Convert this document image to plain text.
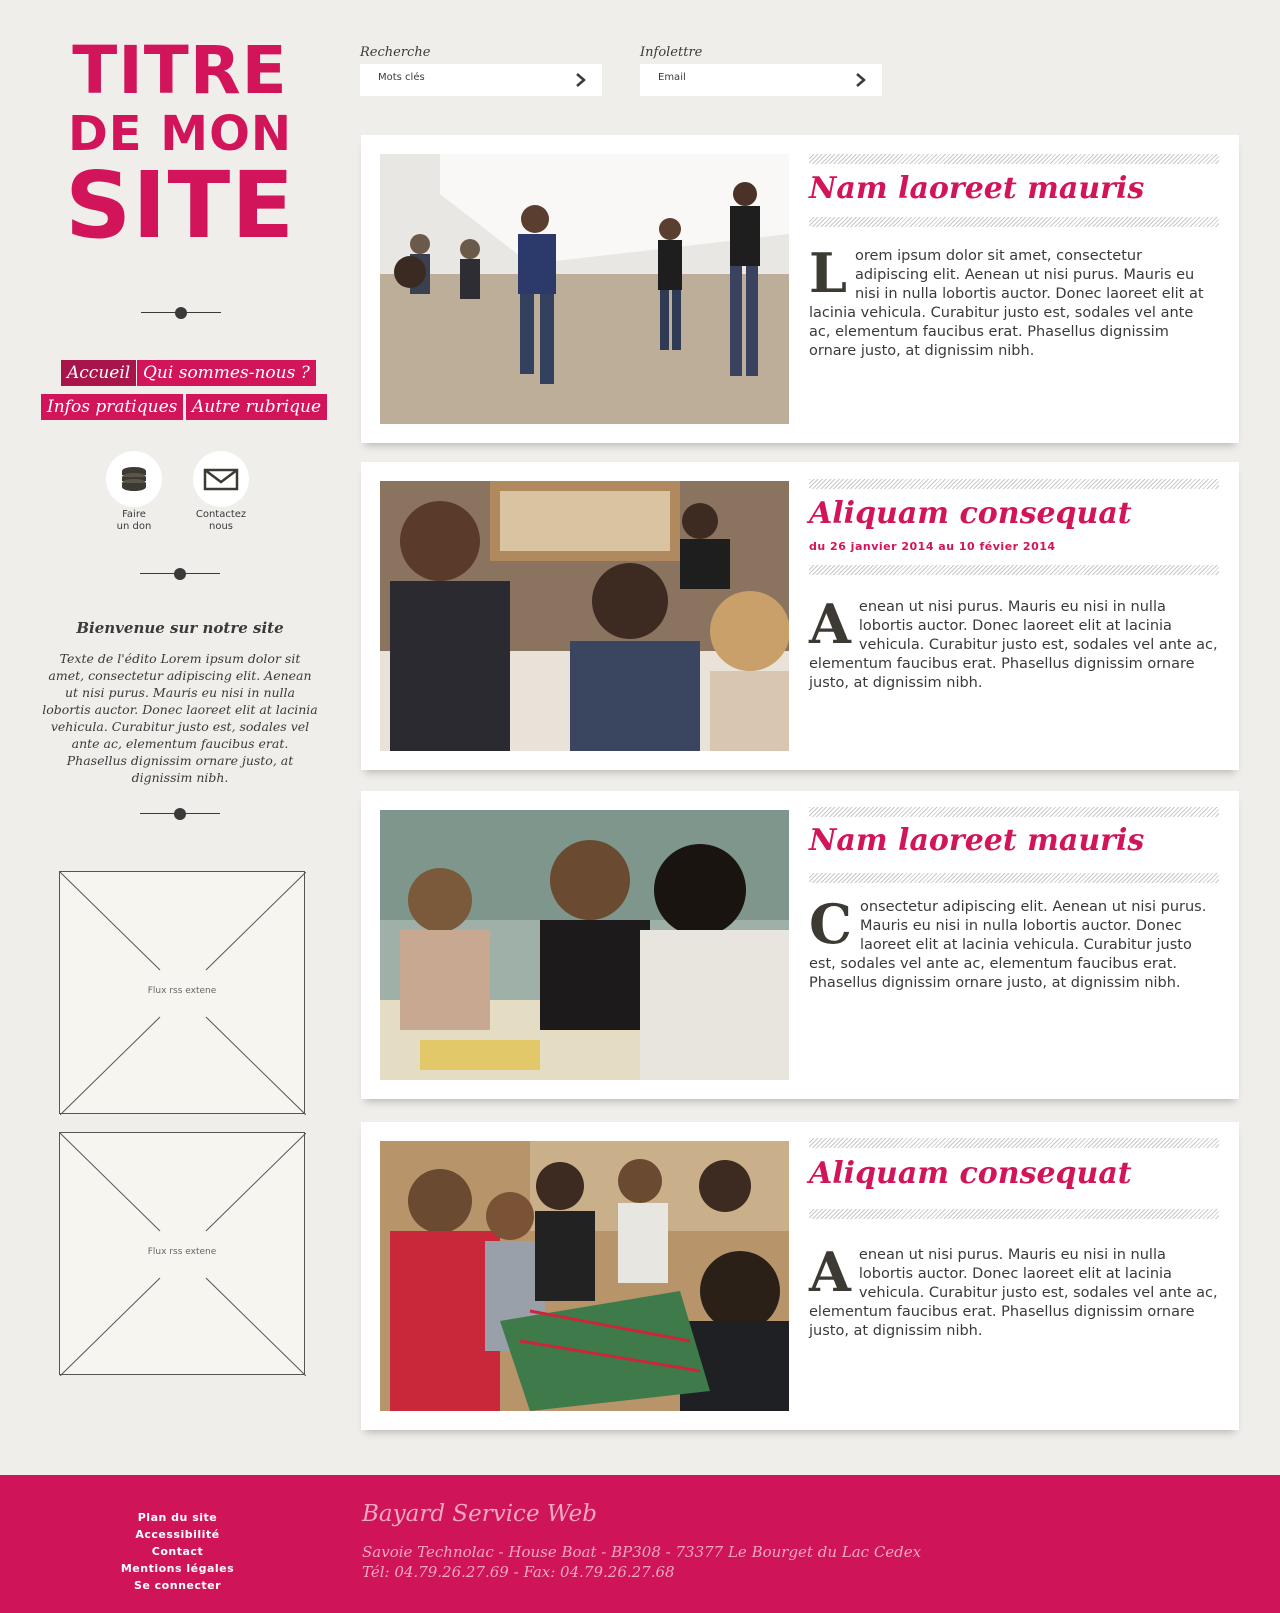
TITRE
DE MON
SITE
Accueil Qui sommes-nous ?
Infos pratiques Autre rubrique
Faire
un don
Contactez
nous
Bienvenue sur notre site
Texte de l'édito Lorem ipsum dolor sit amet, consectetur adipiscing elit. Aenean ut nisi purus. Mauris eu nisi in nulla lobortis auctor. Donec laoreet elit at lacinia vehicula. Curabitur justo est, sodales vel ante ac, elementum faucibus erat. Phasellus dignissim ornare justo, at dignissim nibh.
Flux rss extene
Flux rss extene
Recherche
Mots clés	Infolettre
Email
Nam laoreet mauris
Lorem ipsum dolor sit amet, consectetur adipiscing elit. Aenean ut nisi purus. Mauris eu nisi in nulla lobortis auctor. Donec laoreet elit at lacinia vehicula. Curabitur justo est, sodales vel ante ac, elementum faucibus erat. Phasellus dignissim ornare justo, at dignissim nibh.
Aliquam consequat
du 26 janvier 2014 au 10 févier 2014
Aenean ut nisi purus. Mauris eu nisi in nulla lobortis auctor. Donec laoreet elit at lacinia vehicula. Curabitur justo est, sodales vel ante ac, elementum faucibus erat. Phasellus dignissim ornare justo, at dignissim nibh.
Nam laoreet mauris
Consectetur adipiscing elit. Aenean ut nisi purus. Mauris eu nisi in nulla lobortis auctor. Donec laoreet elit at lacinia vehicula. Curabitur justo est, sodales vel ante ac, elementum faucibus erat. Phasellus dignissim ornare justo, at dignissim nibh.
Aliquam consequat
Aenean ut nisi purus. Mauris eu nisi in nulla lobortis auctor. Donec laoreet elit at lacinia vehicula. Curabitur justo est, sodales vel ante ac, elementum faucibus erat. Phasellus dignissim ornare justo, at dignissim nibh.
Plan du site
Accessibilité
Contact
Mentions légales
Se connecter
Bayard Service Web
Savoie Technolac - House Boat - BP308 - 73377 Le Bourget du Lac Cedex
Tél: 04.79.26.27.69 - Fax: 04.79.26.27.68
